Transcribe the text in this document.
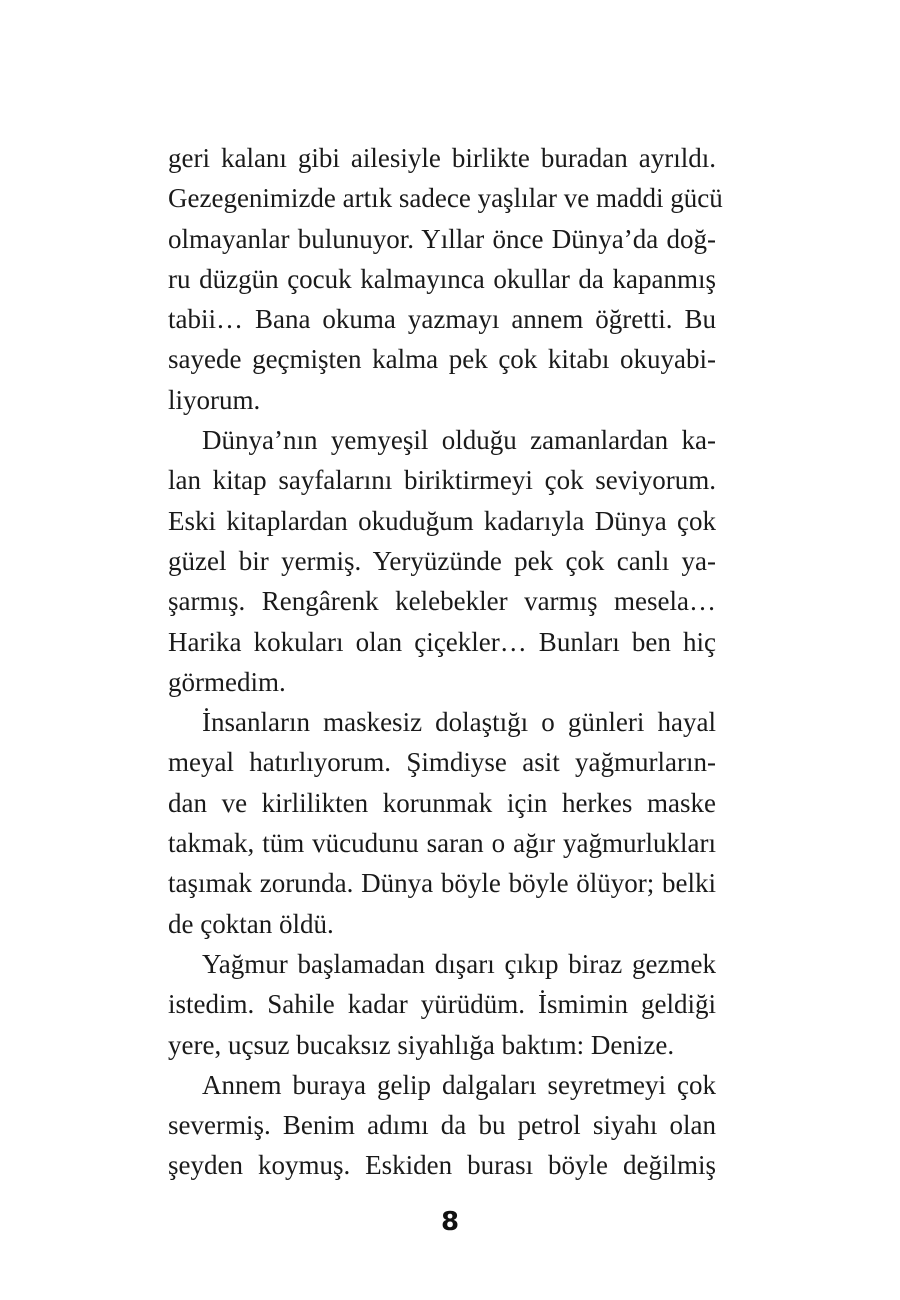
geri kalanı gibi ailesiyle birlikte buradan ayrıldı.
Gezegenimizde artık sadece yaşlılar ve maddi gücü
olmayanlar bulunuyor. Yıllar önce Dünya’da doğ-
ru düzgün çocuk kalmayınca okullar da kapanmış
tabii… Bana okuma yazmayı annem öğretti. Bu
sayede geçmişten kalma pek çok kitabı okuyabi-
liyorum.
Dünya’nın yemyeşil olduğu zamanlardan ka-
lan kitap sayfalarını biriktirmeyi çok seviyorum.
Eski kitaplardan okuduğum kadarıyla Dünya çok
güzel bir yermiş. Yeryüzünde pek çok canlı ya-
şarmış. Rengârenk kelebekler varmış mesela…
Harika kokuları olan çiçekler… Bunları ben hiç
görmedim.
İnsanların maskesiz dolaştığı o günleri hayal
meyal hatırlıyorum. Şimdiyse asit yağmurların-
dan ve kirlilikten korunmak için herkes maske
takmak, tüm vücudunu saran o ağır yağmurlukları
taşımak zorunda. Dünya böyle böyle ölüyor; belki
de çoktan öldü.
Yağmur başlamadan dışarı çıkıp biraz gezmek
istedim. Sahile kadar yürüdüm. İsmimin geldiği
yere, uçsuz bucaksız siyahlığa baktım: Denize.
Annem buraya gelip dalgaları seyretmeyi çok
severmiş. Benim adımı da bu petrol siyahı olan
şeyden koymuş. Eskiden burası böyle değilmiş
8
